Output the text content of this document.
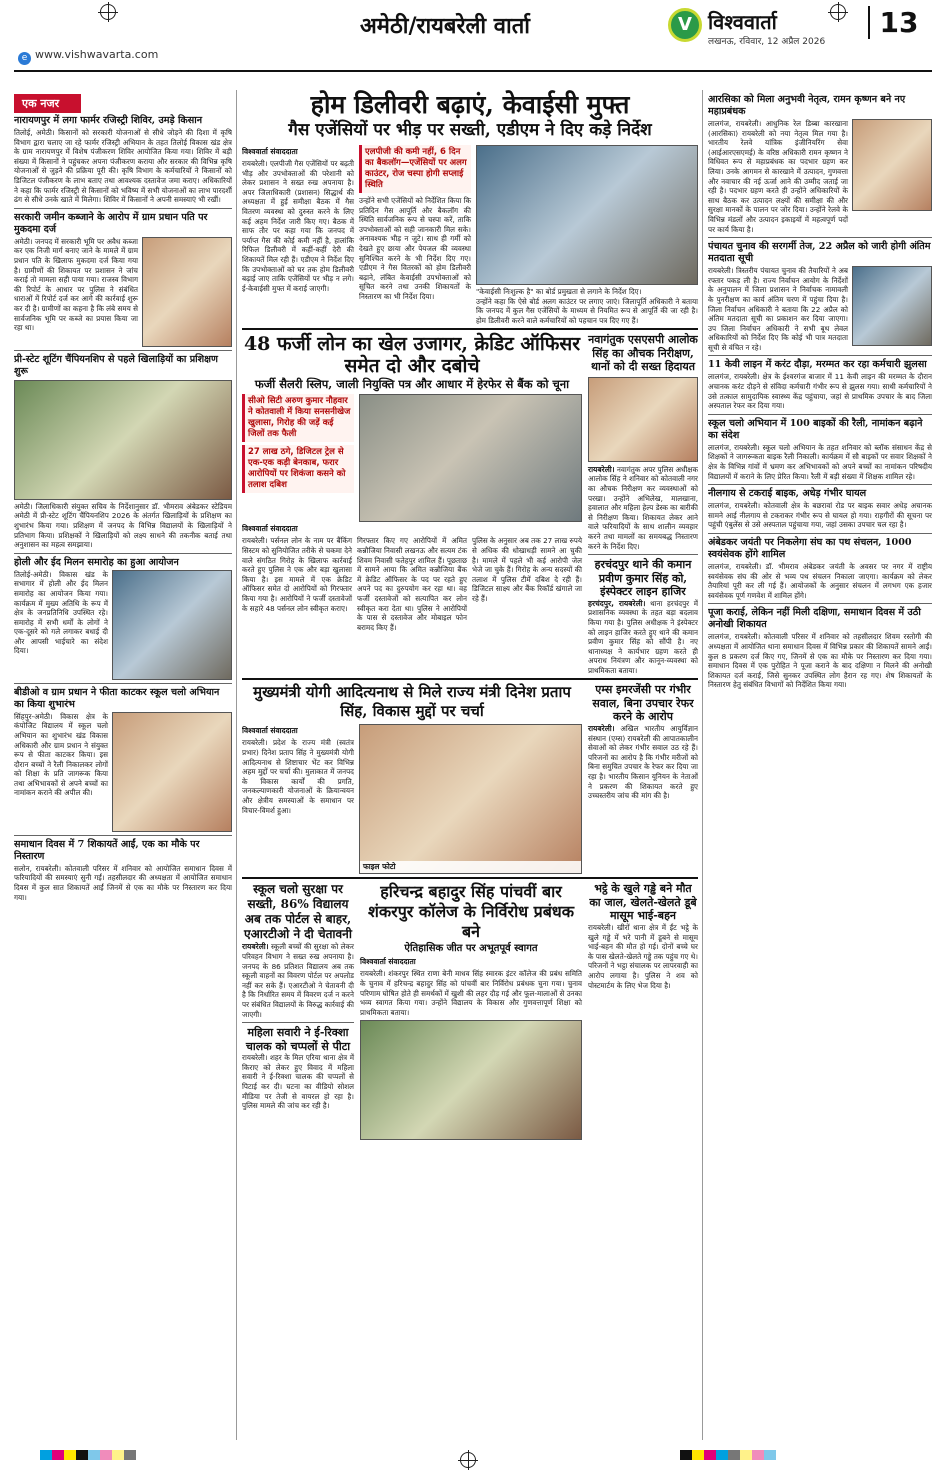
अमेठी/रायबरेली वार्ता
e www.vishwavarta.com
V विश्ववार्ता
लखनऊ, रविवार, 12 अप्रैल 2026
13
एक नजर
नारायणपुर में लगा फार्मर रजिस्ट्री शिविर, उमड़े किसान

तिलोई, अमेठी। किसानों को सरकारी योजनाओं से सीधे जोड़ने की दिशा में कृषि विभाग द्वारा चलाए जा रहे फार्मर रजिस्ट्री अभियान के तहत तिलोई विकास खंड क्षेत्र के ग्राम नारायणपुर में विशेष पंजीकरण शिविर आयोजित किया गया। शिविर में बड़ी संख्या में किसानों ने पहुंचकर अपना पंजीकरण कराया और सरकार की विभिन्न कृषि योजनाओं से जुड़ने की प्रक्रिया पूरी की। कृषि विभाग के कर्मचारियों ने किसानों को डिजिटल पंजीकरण के लाभ बताए तथा आवश्यक दस्तावेज जमा कराए। अधिकारियों ने कहा कि फार्मर रजिस्ट्री से किसानों को भविष्य में सभी योजनाओं का लाभ पारदर्शी ढंग से सीधे उनके खाते में मिलेगा। शिविर में किसानों ने अपनी समस्याएं भी रखीं।

सरकारी जमीन कब्जाने के आरोप में ग्राम प्रधान पति पर मुकदमा दर्ज

अमेठी। जनपद में सरकारी भूमि पर अवैध कब्जा कर एक निजी मार्ग बनाए जाने के मामले में ग्राम प्रधान पति के खिलाफ मुकदमा दर्ज किया गया है। ग्रामीणों की शिकायत पर प्रशासन ने जांच कराई तो मामला सही पाया गया। राजस्व विभाग की रिपोर्ट के आधार पर पुलिस ने संबंधित धाराओं में रिपोर्ट दर्ज कर आगे की कार्रवाई शुरू कर दी है। ग्रामीणों का कहना है कि लंबे समय से सार्वजनिक भूमि पर कब्जे का प्रयास किया जा रहा था।

प्री-स्टेट शूटिंग चैंपियनशिप से पहले खिलाड़ियों का प्रशिक्षण शुरू

अमेठी। जिलाधिकारी संयुक्त सचिव के निर्देशानुसार डॉ. भीमराव अंबेडकर स्टेडियम अमेठी में प्री-स्टेट शूटिंग चैंपियनशिप 2026 के अंतर्गत खिलाड़ियों के प्रशिक्षण का शुभारंभ किया गया। प्रशिक्षण में जनपद के विभिन्न विद्यालयों के खिलाड़ियों ने प्रतिभाग किया। प्रशिक्षकों ने खिलाड़ियों को लक्ष्य साधने की तकनीक बताई तथा अनुशासन का महत्व समझाया।

होली और ईद मिलन समारोह का हुआ आयोजन

तिलोई-अमेठी। विकास खंड के सभागार में होली और ईद मिलन समारोह का आयोजन किया गया। कार्यक्रम में मुख्य अतिथि के रूप में क्षेत्र के जनप्रतिनिधि उपस्थित रहे। समारोह में सभी धर्मों के लोगों ने एक-दूसरे को गले लगाकर बधाई दी और आपसी भाईचारे का संदेश दिया।

बीडीओ व ग्राम प्रधान ने फीता काटकर स्कूल चलो अभियान का किया शुभारंभ

सिंहपुर-अमेठी। विकास क्षेत्र के कंपोजिट विद्यालय में स्कूल चलो अभियान का शुभारंभ खंड विकास अधिकारी और ग्राम प्रधान ने संयुक्त रूप से फीता काटकर किया। इस दौरान बच्चों ने रैली निकालकर लोगों को शिक्षा के प्रति जागरूक किया तथा अभिभावकों से अपने बच्चों का नामांकन कराने की अपील की।

समाधान दिवस में 7 शिकायतें आईं, एक का मौके पर निस्तारण

सलोन, रायबरेली। कोतवाली परिसर में शनिवार को आयोजित समाधान दिवस में फरियादियों की समस्याएं सुनी गईं। तहसीलदार की अध्यक्षता में आयोजित समाधान दिवस में कुल सात शिकायतें आईं जिनमें से एक का मौके पर निस्तारण कर दिया गया।

होम डिलीवरी बढ़ाएं, केवाईसी मुफ्त
गैस एजेंसियों पर भीड़ पर सख्ती, एडीएम ने दिए कड़े निर्देश
विश्ववार्ता संवाददाता

रायबरेली। एलपीजी गैस एजेंसियों पर बढ़ती भीड़ और उपभोक्ताओं की परेशानी को लेकर प्रशासन ने सख्त रुख अपनाया है। अपर जिलाधिकारी (प्रशासन) सिद्धार्थ की अध्यक्षता में हुई समीक्षा बैठक में गैस वितरण व्यवस्था को दुरुस्त करने के लिए कई अहम निर्देश जारी किए गए। बैठक में साफ तौर पर कहा गया कि जनपद में पर्याप्त गैस की कोई कमी नहीं है, हालांकि रिफिल डिलीवरी में कहीं-कहीं देरी की शिकायतें मिल रही हैं। एडीएम ने निर्देश दिए कि उपभोक्ताओं को घर तक होम डिलीवरी बढ़ाई जाए ताकि एजेंसियों पर भीड़ न लगे। ई-केवाईसी मुफ्त में कराई जाएगी।

एलपीजी की कमी नहीं, 6 दिन का बैकलॉग—एजेंसियों पर अलग काउंटर, रोज चस्पा होगी सप्लाई स्थिति

उन्होंने सभी एजेंसियों को निर्देशित किया कि प्रतिदिन गैस आपूर्ति और बैकलॉग की स्थिति सार्वजनिक रूप से चस्पा करें, ताकि उपभोक्ताओं को सही जानकारी मिल सके। अनावश्यक भीड़ न जुटे। साथ ही गर्मी को देखते हुए छाया और पेयजल की व्यवस्था सुनिश्चित करने के भी निर्देश दिए गए। एडीएम ने गैस वितरकों को होम डिलीवरी बढ़ाने, लंबित केवाईसी उपभोक्ताओं को सूचित करने तथा उनकी शिकायतों के निस्तारण का भी निर्देश दिया।

"केवाईसी निःशुल्क है" का बोर्ड प्रमुखता से लगाने के निर्देश दिए।

उन्होंने कहा कि ऐसे बोर्ड अलग काउंटर पर लगाए जाएं। जिलापूर्ति अधिकारी ने बताया कि जनपद में कुल गैस एजेंसियों के माध्यम से नियमित रूप से आपूर्ति की जा रही है। होम डिलीवरी करने वाले कर्मचारियों को पहचान पत्र दिए गए हैं।

48 फर्जी लोन का खेल उजागर, क्रेडिट ऑफिसर समेत दो और दबोचे
फर्जी सैलरी स्लिप, जाली नियुक्ति पत्र और आधार में हेरफेर से बैंक को चूना
सीओ सिटी अरुण कुमार नौहवार ने कोतवाली में किया सनसनीखेज खुलासा, गिरोह की जड़ें कई जिलों तक फैली
27 लाख ठगे, डिजिटल ट्रेल से एक-एक कड़ी बेनकाब, फरार आरोपियों पर शिकंजा कसने को तलाश दबिश
विश्ववार्ता संवाददाता

रायबरेली। पर्सनल लोन के नाम पर बैंकिंग सिस्टम को सुनियोजित तरीके से चकमा देने वाले संगठित गिरोह के खिलाफ कार्रवाई करते हुए पुलिस ने एक और बड़ा खुलासा किया है। इस मामले में एक क्रेडिट ऑफिसर समेत दो आरोपियों को गिरफ्तार किया गया है। आरोपियों ने फर्जी दस्तावेजों के सहारे 48 पर्सनल लोन स्वीकृत कराए।

गिरफ्तार किए गए आरोपियों में अमित कन्नौजिया निवासी लखनऊ और सत्यम टंक शिवम निवासी फतेहपुर शामिल हैं। पूछताछ में सामने आया कि अमित कन्नौजिया बैंक में क्रेडिट ऑफिसर के पद पर रहते हुए अपने पद का दुरुपयोग कर रहा था। वह फर्जी दस्तावेजों को सत्यापित कर लोन स्वीकृत करा देता था। पुलिस ने आरोपियों के पास से दस्तावेज और मोबाइल फोन बरामद किए हैं।

पुलिस के अनुसार अब तक 27 लाख रुपये से अधिक की धोखाधड़ी सामने आ चुकी है। मामले में पहले भी कई आरोपी जेल भेजे जा चुके हैं। गिरोह के अन्य सदस्यों की तलाश में पुलिस टीमें दबिश दे रही हैं। डिजिटल साक्ष्य और बैंक रिकॉर्ड खंगाले जा रहे हैं।

नवागंतुक एसएसपी आलोक सिंह का औचक निरीक्षण, थानों को दी सख्त हिदायत

रायबरेली। नवागंतुक अपर पुलिस अधीक्षक आलोक सिंह ने शनिवार को कोतवाली नगर का औचक निरीक्षण कर व्यवस्थाओं को परखा। उन्होंने अभिलेख, मालखाना, हवालात और महिला हेल्प डेस्क का बारीकी से निरीक्षण किया। शिकायत लेकर आने वाले फरियादियों के साथ शालीन व्यवहार करने तथा मामलों का समयबद्ध निस्तारण करने के निर्देश दिए।

हरचंदपुर थाने की कमान प्रवीण कुमार सिंह को, इंस्पेक्टर लाइन हाजिर

हरचंदपुर, रायबरेली। थाना हरचंदपुर में प्रशासनिक व्यवस्था के तहत बड़ा बदलाव किया गया है। पुलिस अधीक्षक ने इंस्पेक्टर को लाइन हाजिर करते हुए थाने की कमान प्रवीण कुमार सिंह को सौंपी है। नए थानाध्यक्ष ने कार्यभार ग्रहण करते ही अपराध नियंत्रण और कानून-व्यवस्था को प्राथमिकता बताया।

मुख्यमंत्री योगी आदित्यनाथ से मिले राज्य मंत्री दिनेश प्रताप सिंह, विकास मुद्दों पर चर्चा
विश्ववार्ता संवाददाता

रायबरेली। प्रदेश के राज्य मंत्री (स्वतंत्र प्रभार) दिनेश प्रताप सिंह ने मुख्यमंत्री योगी आदित्यनाथ से शिष्टाचार भेंट कर विभिन्न अहम मुद्दों पर चर्चा की। मुलाकात में जनपद के विकास कार्यों की प्रगति, जनकल्याणकारी योजनाओं के क्रियान्वयन और क्षेत्रीय समस्याओं के समाधान पर विचार-विमर्श हुआ।

फाइल फोटो
एम्स इमरजेंसी पर गंभीर सवाल, बिना उपचार रेफर करने के आरोप

रायबरेली। अखिल भारतीय आयुर्विज्ञान संस्थान (एम्स) रायबरेली की आपातकालीन सेवाओं को लेकर गंभीर सवाल उठ रहे हैं। परिजनों का आरोप है कि गंभीर मरीजों को बिना समुचित उपचार के रेफर कर दिया जा रहा है। भारतीय किसान यूनियन के नेताओं ने प्रकरण की शिकायत करते हुए उच्चस्तरीय जांच की मांग की है।

स्कूल चलो सुरक्षा पर सख्ती, 86% विद्यालय अब तक पोर्टल से बाहर, एआरटीओ ने दी चेतावनी

रायबरेली। स्कूली बच्चों की सुरक्षा को लेकर परिवहन विभाग ने सख्त रुख अपनाया है। जनपद के 86 प्रतिशत विद्यालय अब तक स्कूली वाहनों का विवरण पोर्टल पर अपलोड नहीं कर सके हैं। एआरटीओ ने चेतावनी दी है कि निर्धारित समय में विवरण दर्ज न करने पर संबंधित विद्यालयों के विरुद्ध कार्रवाई की जाएगी।

महिला सवारी ने ई-रिक्शा चालक को चप्पलों से पीटा

रायबरेली। शहर के मिल एरिया थाना क्षेत्र में किराए को लेकर हुए विवाद में महिला सवारी ने ई-रिक्शा चालक की चप्पलों से पिटाई कर दी। घटना का वीडियो सोशल मीडिया पर तेजी से वायरल हो रहा है। पुलिस मामले की जांच कर रही है।

हरिचन्द्र बहादुर सिंह पांचवीं बार शंकरपुर कॉलेज के निर्विरोध प्रबंधक बने
ऐतिहासिक जीत पर अभूतपूर्व स्वागत
विश्ववार्ता संवाददाता

रायबरेली। शंकरपुर स्थित राणा बेनी माधव सिंह स्मारक इंटर कॉलेज की प्रबंध समिति के चुनाव में हरिचन्द्र बहादुर सिंह को पांचवीं बार निर्विरोध प्रबंधक चुना गया। चुनाव परिणाम घोषित होते ही समर्थकों में खुशी की लहर दौड़ गई और फूल-मालाओं से उनका भव्य स्वागत किया गया। उन्होंने विद्यालय के विकास और गुणवत्तापूर्ण शिक्षा को प्राथमिकता बताया।

भट्ठे के खुले गड्ढे बने मौत का जाल, खेलते-खेलते डूबे मासूम भाई-बहन

रायबरेली। खीरों थाना क्षेत्र में ईंट भट्ठे के खुले गड्ढे में भरे पानी में डूबने से मासूम भाई-बहन की मौत हो गई। दोनों बच्चे घर के पास खेलते-खेलते गड्ढे तक पहुंच गए थे। परिजनों ने भट्ठा संचालक पर लापरवाही का आरोप लगाया है। पुलिस ने शव को पोस्टमार्टम के लिए भेज दिया है।

आरसिका को मिला अनुभवी नेतृत्व, रामन कृष्णन बने नए महाप्रबंधक

लालगंज, रायबरेली। आधुनिक रेल डिब्बा कारखाना (आरसिका) रायबरेली को नया नेतृत्व मिल गया है। भारतीय रेलवे यांत्रिक इंजीनियरिंग सेवा (आईआरएसएमई) के वरिष्ठ अधिकारी रामन कृष्णन ने विधिवत रूप से महाप्रबंधक का पदभार ग्रहण कर लिया। उनके आगमन से कारखाने में उत्पादन, गुणवत्ता और नवाचार की नई ऊर्जा आने की उम्मीद जताई जा रही है। पदभार ग्रहण करते ही उन्होंने अधिकारियों के साथ बैठक कर उत्पादन लक्ष्यों की समीक्षा की और सुरक्षा मानकों के पालन पर जोर दिया। उन्होंने रेलवे के विभिन्न मंडलों और उत्पादन इकाइयों में महत्वपूर्ण पदों पर कार्य किया है।

पंचायत चुनाव की सरगर्मी तेज, 22 अप्रैल को जारी होगी अंतिम मतदाता सूची

रायबरेली। त्रिस्तरीय पंचायत चुनाव की तैयारियों ने अब रफ्तार पकड़ ली है। राज्य निर्वाचन आयोग के निर्देशों के अनुपालन में जिला प्रशासन ने निर्वाचक नामावली के पुनरीक्षण का कार्य अंतिम चरण में पहुंचा दिया है। जिला निर्वाचन अधिकारी ने बताया कि 22 अप्रैल को अंतिम मतदाता सूची का प्रकाशन कर दिया जाएगा। उप जिला निर्वाचन अधिकारी ने सभी बूथ लेवल अधिकारियों को निर्देश दिए कि कोई भी पात्र मतदाता सूची से वंचित न रहे।

11 केवी लाइन में करंट दौड़ा, मरम्मत कर रहा कर्मचारी झुलसा

लालगंज, रायबरेली। क्षेत्र के ईश्वरगंज बाजार में 11 केवी लाइन की मरम्मत के दौरान अचानक करंट दौड़ने से संविदा कर्मचारी गंभीर रूप से झुलस गया। साथी कर्मचारियों ने उसे तत्काल सामुदायिक स्वास्थ्य केंद्र पहुंचाया, जहां से प्राथमिक उपचार के बाद जिला अस्पताल रेफर कर दिया गया।

स्कूल चलो अभियान में 100 बाइकों की रैली, नामांकन बढ़ाने का संदेश

लालगंज, रायबरेली। स्कूल चलो अभियान के तहत शनिवार को ब्लॉक संसाधन केंद्र से शिक्षकों ने जागरूकता बाइक रैली निकाली। कार्यक्रम में सौ बाइकों पर सवार शिक्षकों ने क्षेत्र के विभिन्न गांवों में भ्रमण कर अभिभावकों को अपने बच्चों का नामांकन परिषदीय विद्यालयों में कराने के लिए प्रेरित किया। रैली में बड़ी संख्या में शिक्षक शामिल रहे।

नीलगाय से टकराई बाइक, अधेड़ गंभीर घायल

लालगंज, रायबरेली। कोतवाली क्षेत्र के बछरावां रोड पर बाइक सवार अधेड़ अचानक सामने आई नीलगाय से टकराकर गंभीर रूप से घायल हो गया। राहगीरों की सूचना पर पहुंची एंबुलेंस से उसे अस्पताल पहुंचाया गया, जहां उसका उपचार चल रहा है।

अंबेडकर जयंती पर निकलेगा संघ का पथ संचलन, 1000 स्वयंसेवक होंगे शामिल

लालगंज, रायबरेली। डॉ. भीमराव अंबेडकर जयंती के अवसर पर नगर में राष्ट्रीय स्वयंसेवक संघ की ओर से भव्य पथ संचलन निकाला जाएगा। कार्यक्रम को लेकर तैयारियां पूरी कर ली गई हैं। आयोजकों के अनुसार संचलन में लगभग एक हजार स्वयंसेवक पूर्ण गणवेश में शामिल होंगे।

पूजा कराई, लेकिन नहीं मिली दक्षिणा, समाधान दिवस में उठी अनोखी शिकायत

लालगंज, रायबरेली। कोतवाली परिसर में शनिवार को तहसीलदार शिवम रस्तोगी की अध्यक्षता में आयोजित थाना समाधान दिवस में विभिन्न प्रकार की शिकायतें सामने आईं। कुल 8 प्रकरण दर्ज किए गए, जिनमें से एक का मौके पर निस्तारण कर दिया गया। समाधान दिवस में एक पुरोहित ने पूजा कराने के बाद दक्षिणा न मिलने की अनोखी शिकायत दर्ज कराई, जिसे सुनकर उपस्थित लोग हैरान रह गए। शेष शिकायतों के निस्तारण हेतु संबंधित विभागों को निर्देशित किया गया।
